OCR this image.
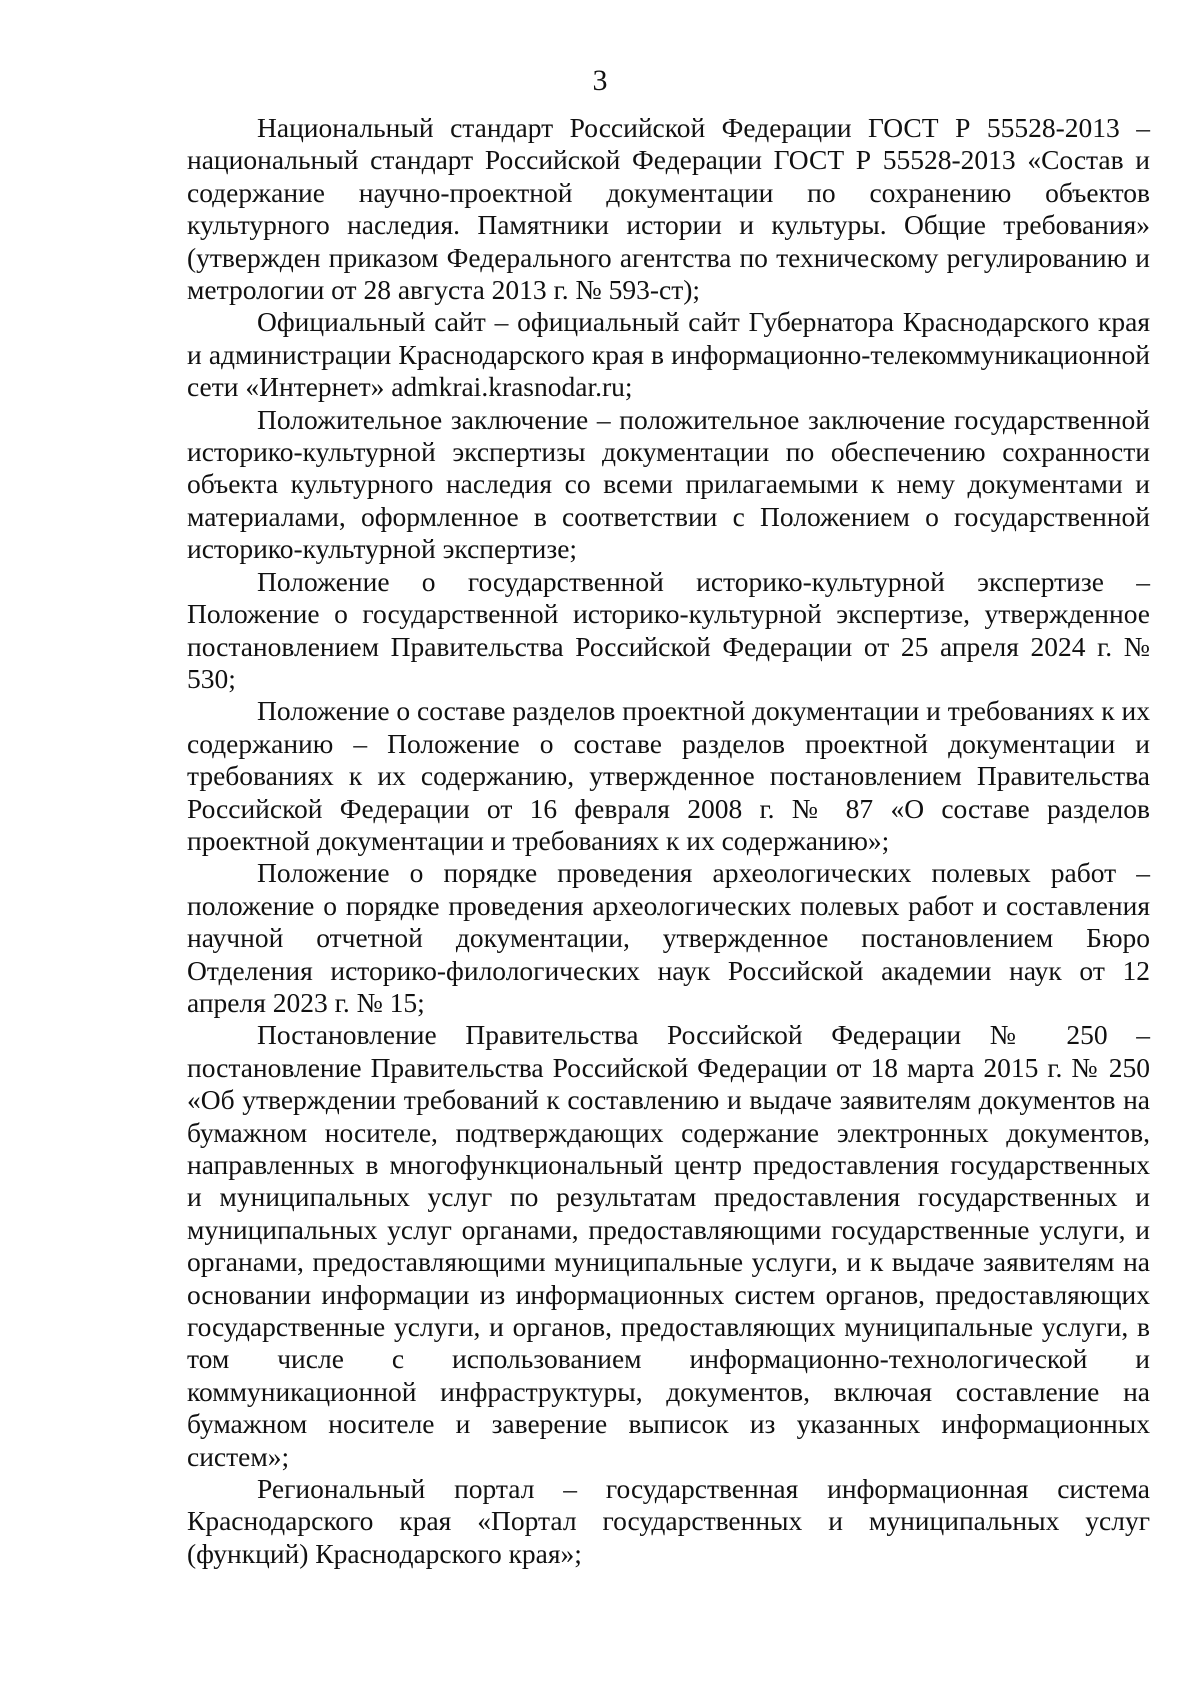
3

Национальный стандарт Российской Федерации ГОСТ Р 55528-2013 – национальный стандарт Российской Федерации ГОСТ Р 55528-2013 «Состав и содержание научно-проектной документации по сохранению объектов культурного наследия. Памятники истории и культуры. Общие требования» (утвержден приказом Федерального агентства по техническому регулированию и метрологии от 28 августа 2013 г. № 593-ст);

Официальный сайт – официальный сайт Губернатора Краснодарского края и администрации Краснодарского края в информационно-телекоммуникационной сети «Интернет» admkrai.krasnodar.ru;

Положительное заключение – положительное заключение государственной историко-культурной экспертизы документации по обеспечению сохранности объекта культурного наследия со всеми прилагаемыми к нему документами и материалами, оформленное в соответствии с Положением о государственной историко-культурной экспертизе;

Положение о государственной историко-культурной экспертизе – Положение о государственной историко-культурной экспертизе, утвержденное постановлением Правительства Российской Федерации от 25 апреля 2024 г. № 530;

Положение о составе разделов проектной документации и требованиях к их содержанию – Положение о составе разделов проектной документации и требованиях к их содержанию, утвержденное постановлением Правительства Российской Федерации от 16 февраля 2008 г. № 87 «О составе разделов проектной документации и требованиях к их содержанию»;

Положение о порядке проведения археологических полевых работ – положение о порядке проведения археологических полевых работ и составления научной отчетной документации, утвержденное постановлением Бюро Отделения историко-филологических наук Российской академии наук от 12 апреля 2023 г. № 15;

Постановление Правительства Российской Федерации № 250 – постановление Правительства Российской Федерации от 18 марта 2015 г. № 250 «Об утверждении требований к составлению и выдаче заявителям документов на бумажном носителе, подтверждающих содержание электронных документов, направленных в многофункциональный центр предоставления государственных и муниципальных услуг по результатам предоставления государственных и муниципальных услуг органами, предоставляющими государственные услуги, и органами, предоставляющими муниципальные услуги, и к выдаче заявителям на основании информации из информационных систем органов, предоставляющих государственные услуги, и органов, предоставляющих муниципальные услуги, в том числе с использованием информационно-технологической и коммуникационной инфраструктуры, документов, включая составление на бумажном носителе и заверение выписок из указанных информационных систем»;

Региональный портал – государственная информационная система Краснодарского края «Портал государственных и муниципальных услуг (функций) Краснодарского края»;
